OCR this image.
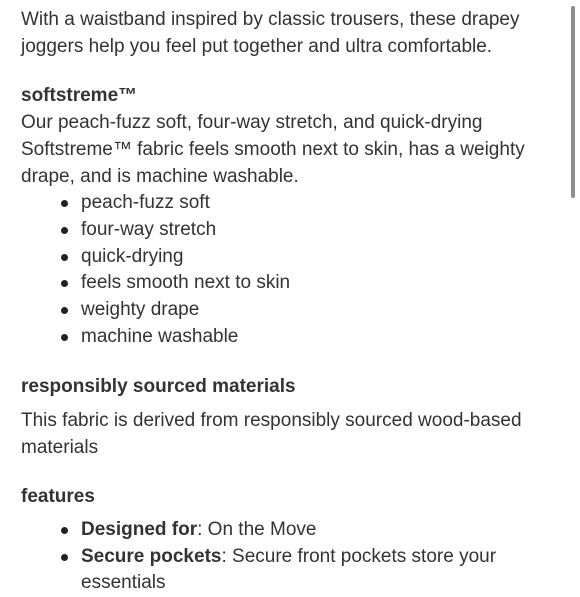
With a waistband inspired by classic trousers, these drapey joggers help you feel put together and ultra comfortable.

softstreme™

Our peach-fuzz soft, four-way stretch, and quick-drying Softstreme™ fabric feels smooth next to skin, has a weighty drape, and is machine washable.

peach-fuzz soft
four-way stretch
quick-drying
feels smooth next to skin
weighty drape
machine washable
responsibly sourced materials

This fabric is derived from responsibly sourced wood-based materials

features
Designed for: On the Move
Secure pockets: Secure front pockets store your essentials
